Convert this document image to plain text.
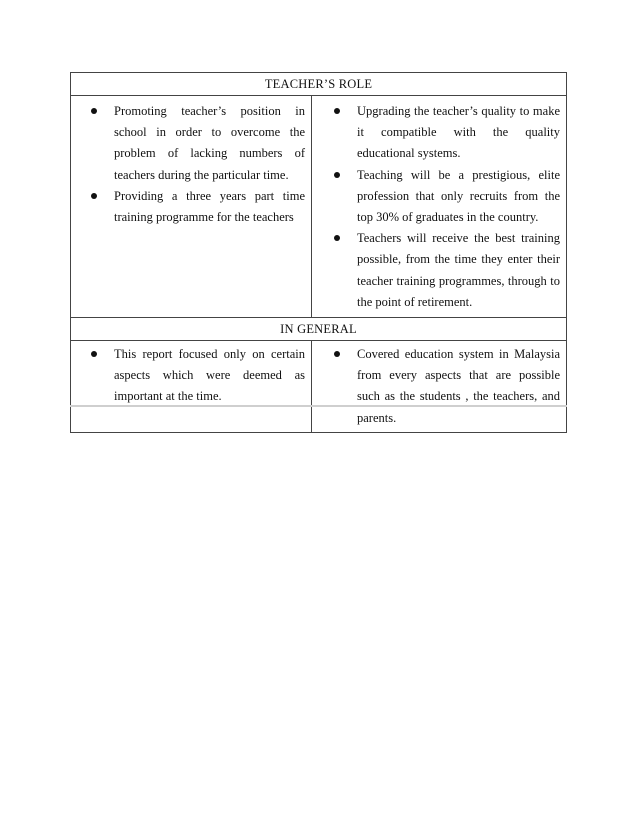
TEACHER’S ROLE
Promoting teacher’s position in school in order to overcome the problem of lacking numbers of teachers during the particular time.
Providing a three years part time training programme for the teachers
Upgrading the teacher’s quality to make it compatible with the quality educational systems.
Teaching will be a prestigious, elite profession that only recruits from the top 30% of graduates in the country.
Teachers will receive the best training possible, from the time they enter their teacher training programmes, through to the point of retirement.
IN GENERAL
This report focused only on certain aspects which were deemed as important at the time.
Covered education system in Malaysia from every aspects that are possible such as the students , the teachers, and parents.
